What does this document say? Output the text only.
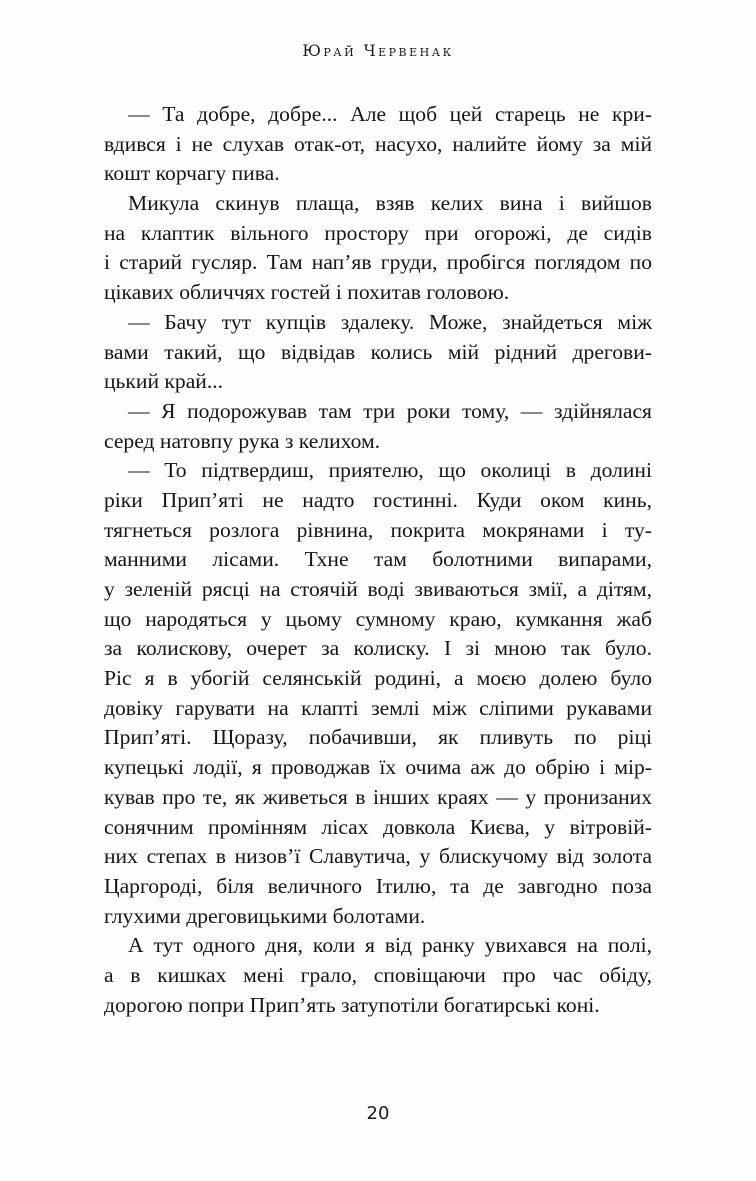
Юрай Червенак
— Та добре, добре... Але щоб цей старець не кри-
вдився і не слухав отак-от, насухо, налийте йому за мій
кошт корчагу пива.
Микула скинув плаща, взяв келих вина і вийшов
на клаптик вільного простору при огорожі, де сидів
і старий гусляр. Там нап’яв груди, пробігся поглядом по
цікавих обличчях гостей і похитав головою.
— Бачу тут купців здалеку. Може, знайдеться між
вами такий, що відвідав колись мій рідний дрегови-
цький край...
— Я подорожував там три роки тому, — здійнялася
серед натовпу рука з келихом.
— То підтвердиш, приятелю, що околиці в долині
ріки Прип’яті не надто гостинні. Куди оком кинь,
тягнеться розлога рівнина, покрита мокрянами і ту-
манними лісами. Тхне там болотними випарами,
у зеленій рясці на стоячій воді звиваються змії, а дітям,
що народяться у цьому сумному краю, кумкання жаб
за колискову, очерет за колиску. І зі мною так було.
Ріс я в убогій селянській родині, а моєю долею було
довіку гарувати на клапті землі між сліпими рукавами
Прип’яті. Щоразу, побачивши, як пливуть по ріці
купецькі лодії, я проводжав їх очима аж до обрію і мір-
кував про те, як живеться в інших краях — у пронизаних
сонячним промінням лісах довкола Києва, у вітровій-
них степах в низов’ї Славутича, у блискучому від золота
Царгороді, біля величного Ітилю, та де завгодно поза
глухими дреговицькими болотами.
А тут одного дня, коли я від ранку увихався на полі,
а в кишках мені грало, сповіщаючи про час обіду,
дорогою попри Прип’ять затупотіли богатирські коні.
20
